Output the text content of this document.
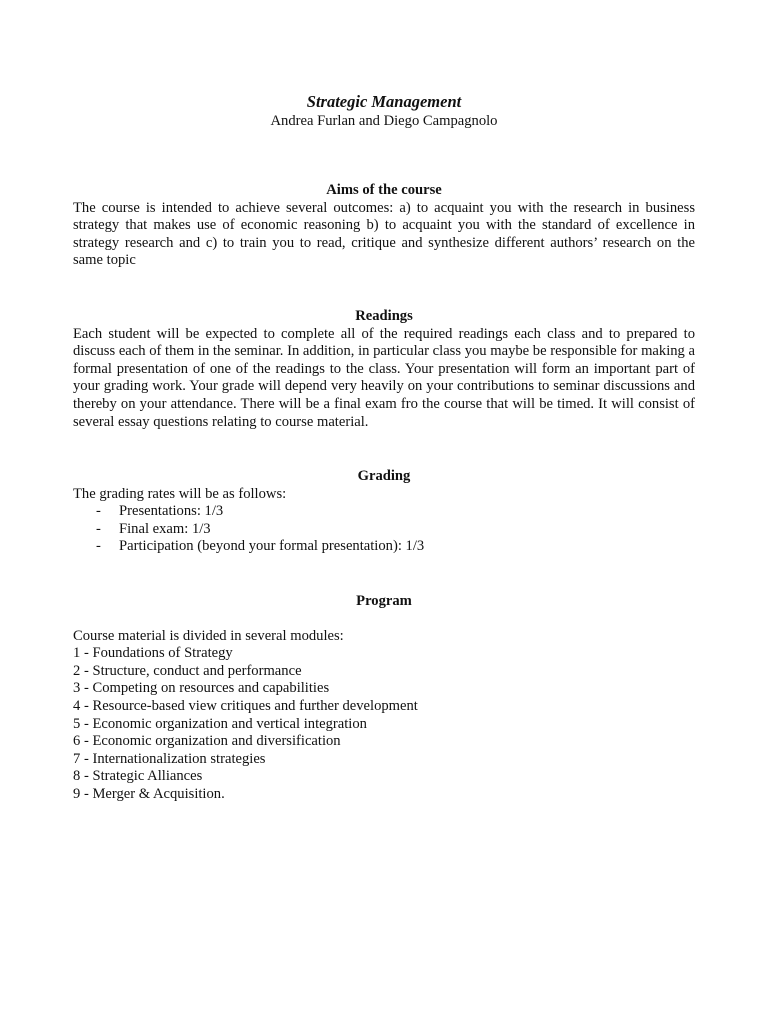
Strategic Management

Andrea Furlan and Diego Campagnolo

Aims of the course

The course is intended to achieve several outcomes: a) to acquaint you with the research in business strategy that makes use of economic reasoning b) to acquaint you with the standard of excellence in strategy research and c) to train you to read, critique and synthesize different authors’ research on the same topic

Readings

Each student will be expected to complete all of the required readings each class and to prepared to discuss each of them in the seminar. In addition, in particular class you maybe be responsible for making a formal presentation of one of the readings to the class. Your presentation will form an important part of your grading work. Your grade will depend very heavily on your contributions to seminar discussions and thereby on your attendance. There will be a final exam fro the course that will be timed. It will consist of several essay questions relating to course material.

Grading

The grading rates will be as follows:

- Presentations: 1/3
- Final exam: 1/3
- Participation (beyond your formal presentation): 1/3

Program

Course material is divided in several modules:

1 - Foundations of Strategy
2 - Structure, conduct and performance
3 - Competing on resources and capabilities
4 - Resource-based view critiques and further development
5 - Economic organization and vertical integration
6 - Economic organization and diversification
7 - Internationalization strategies
8 - Strategic Alliances
9 - Merger & Acquisition.
